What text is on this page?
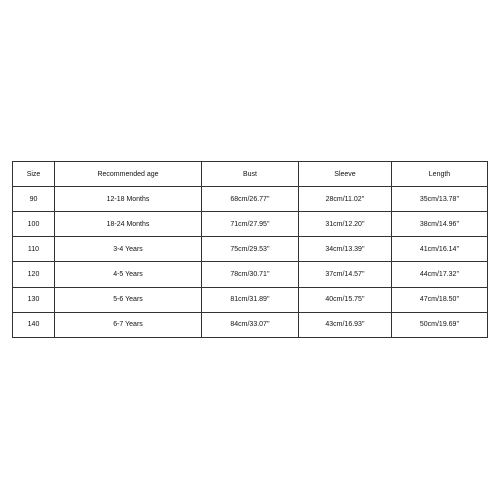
Size	Recommended age	Bust	Sleeve	Length
90	12-18 Months	68cm/26.77''	28cm/11.02''	35cm/13.78''
100	18-24 Months	71cm/27.95''	31cm/12.20''	38cm/14.96''
110	3-4 Years	75cm/29.53''	34cm/13.39''	41cm/16.14''
120	4-5 Years	78cm/30.71''	37cm/14.57''	44cm/17.32''
130	5-6 Years	81cm/31.89''	40cm/15.75''	47cm/18.50''
140	6-7 Years	84cm/33.07''	43cm/16.93''	50cm/19.69''
